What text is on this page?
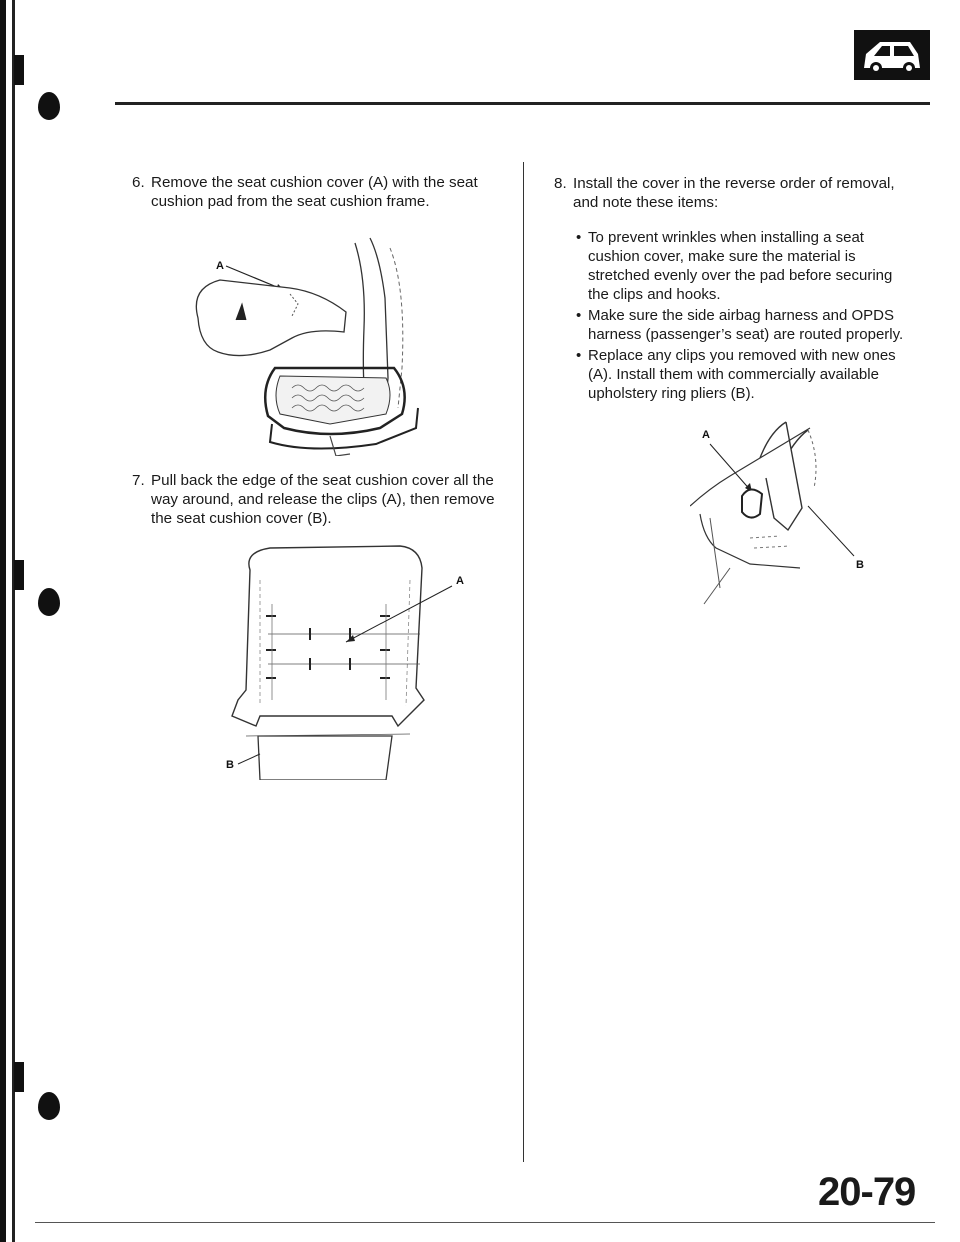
6. Remove the seat cushion cover (A) with the seat
cushion pad from the seat cushion frame.
A
7. Pull back the edge of the seat cushion cover all the
way around, and release the clips (A), then remove
the seat cushion cover (B).
A
B
8. Install the cover in the reverse order of removal,
and note these items:
• To prevent wrinkles when installing a seat
cushion cover, make sure the material is
stretched evenly over the pad before securing
the clips and hooks.
• Make sure the side airbag harness and OPDS
harness (passenger’s seat) are routed properly.
• Replace any clips you removed with new ones
(A). Install them with commercially available
upholstery ring pliers (B).
A
B
20-79
